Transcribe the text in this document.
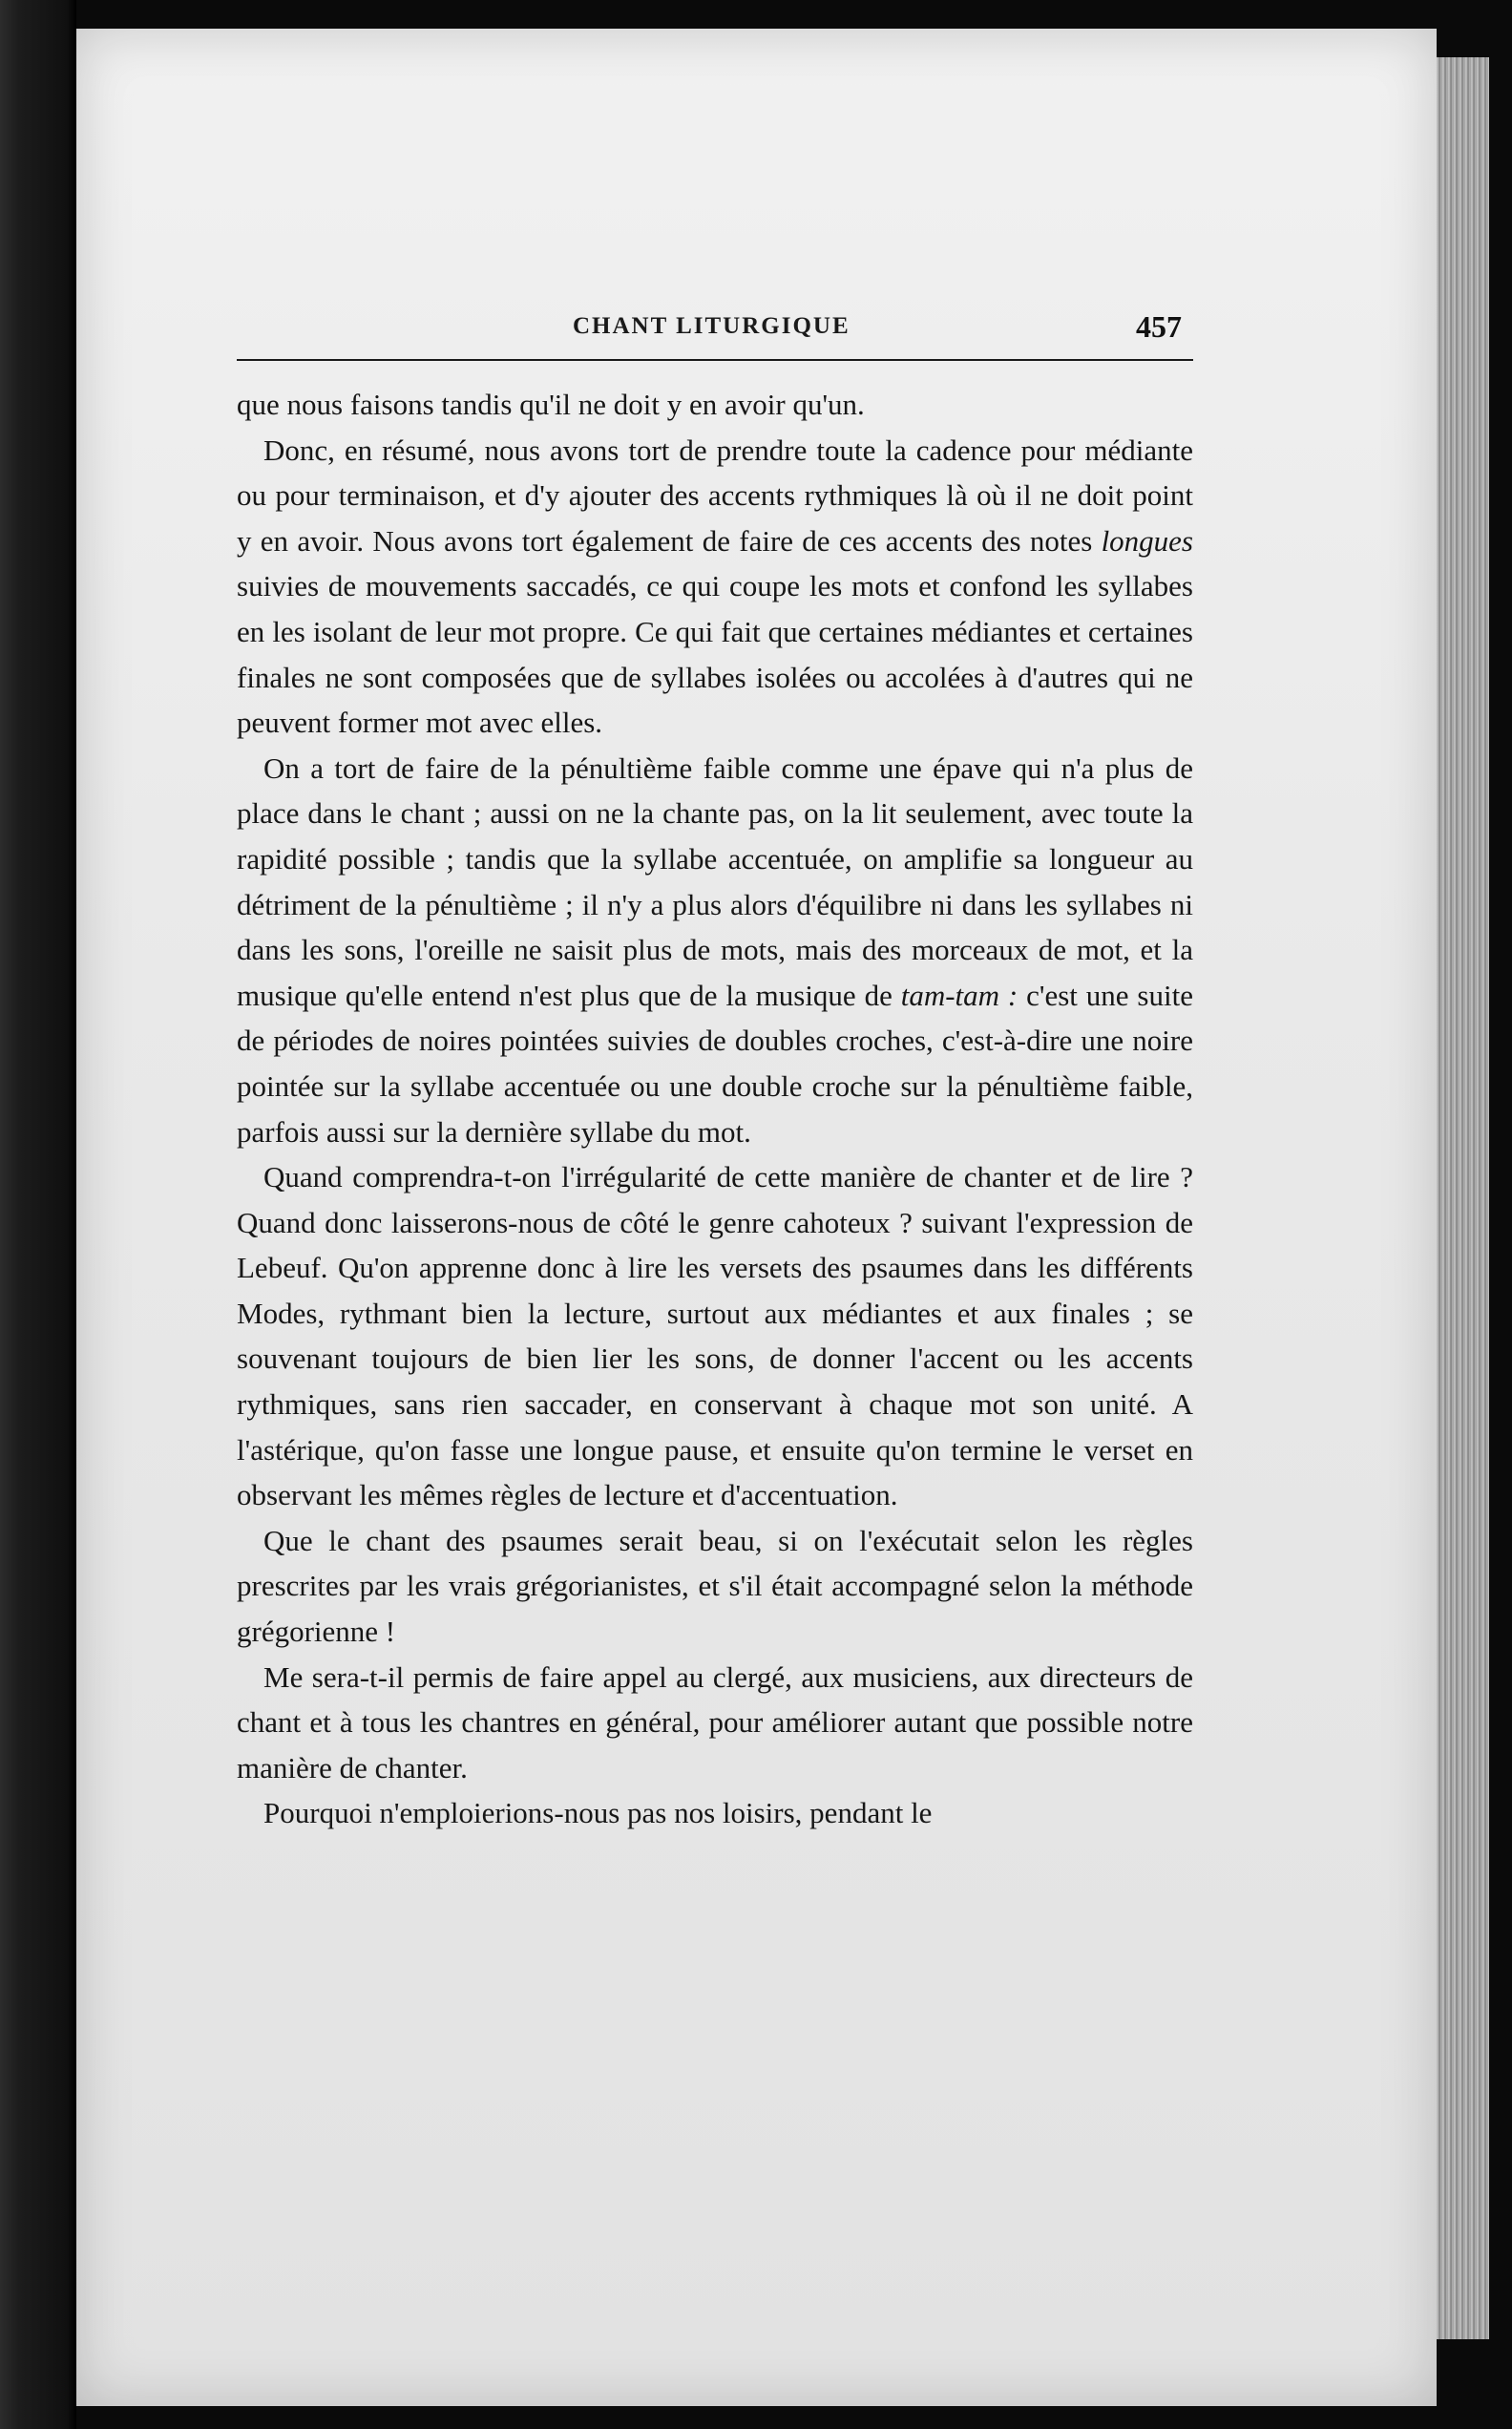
CHANT LITURGIQUE	457

que nous faisons tandis qu'il ne doit y en avoir qu'un.

Donc, en résumé, nous avons tort de prendre toute la cadence pour médiante ou pour terminaison, et d'y ajouter des accents rythmiques là où il ne doit point y en avoir. Nous avons tort également de faire de ces accents des notes longues suivies de mouvements saccadés, ce qui coupe les mots et confond les syllabes en les isolant de leur mot propre. Ce qui fait que certaines médiantes et certaines finales ne sont composées que de syllabes isolées ou accolées à d'autres qui ne peuvent former mot avec elles.

On a tort de faire de la pénultième faible comme une épave qui n'a plus de place dans le chant ; aussi on ne la chante pas, on la lit seulement, avec toute la rapidité possible ; tandis que la syllabe accentuée, on amplifie sa longueur au détriment de la pénultième ; il n'y a plus alors d'équilibre ni dans les syllabes ni dans les sons, l'oreille ne saisit plus de mots, mais des morceaux de mot, et la musique qu'elle entend n'est plus que de la musique de tam-tam : c'est une suite de périodes de noires pointées suivies de doubles croches, c'est-à-dire une noire pointée sur la syllabe accentuée ou une double croche sur la pénultième faible, parfois aussi sur la dernière syllabe du mot.

Quand comprendra-t-on l'irrégularité de cette manière de chanter et de lire ? Quand donc laisserons-nous de côté le genre cahoteux ? suivant l'expression de Lebeuf. Qu'on apprenne donc à lire les versets des psaumes dans les différents Modes, rythmant bien la lecture, surtout aux médiantes et aux finales ; se souvenant toujours de bien lier les sons, de donner l'accent ou les accents rythmiques, sans rien saccader, en conservant à chaque mot son unité. A l'astérique, qu'on fasse une longue pause, et ensuite qu'on termine le verset en observant les mêmes règles de lecture et d'accentuation.

Que le chant des psaumes serait beau, si on l'exécutait selon les règles prescrites par les vrais grégorianistes, et s'il était accompagné selon la méthode grégorienne !

Me sera-t-il permis de faire appel au clergé, aux musiciens, aux directeurs de chant et à tous les chantres en général, pour améliorer autant que possible notre manière de chanter.

Pourquoi n'emploierions-nous pas nos loisirs, pendant le
